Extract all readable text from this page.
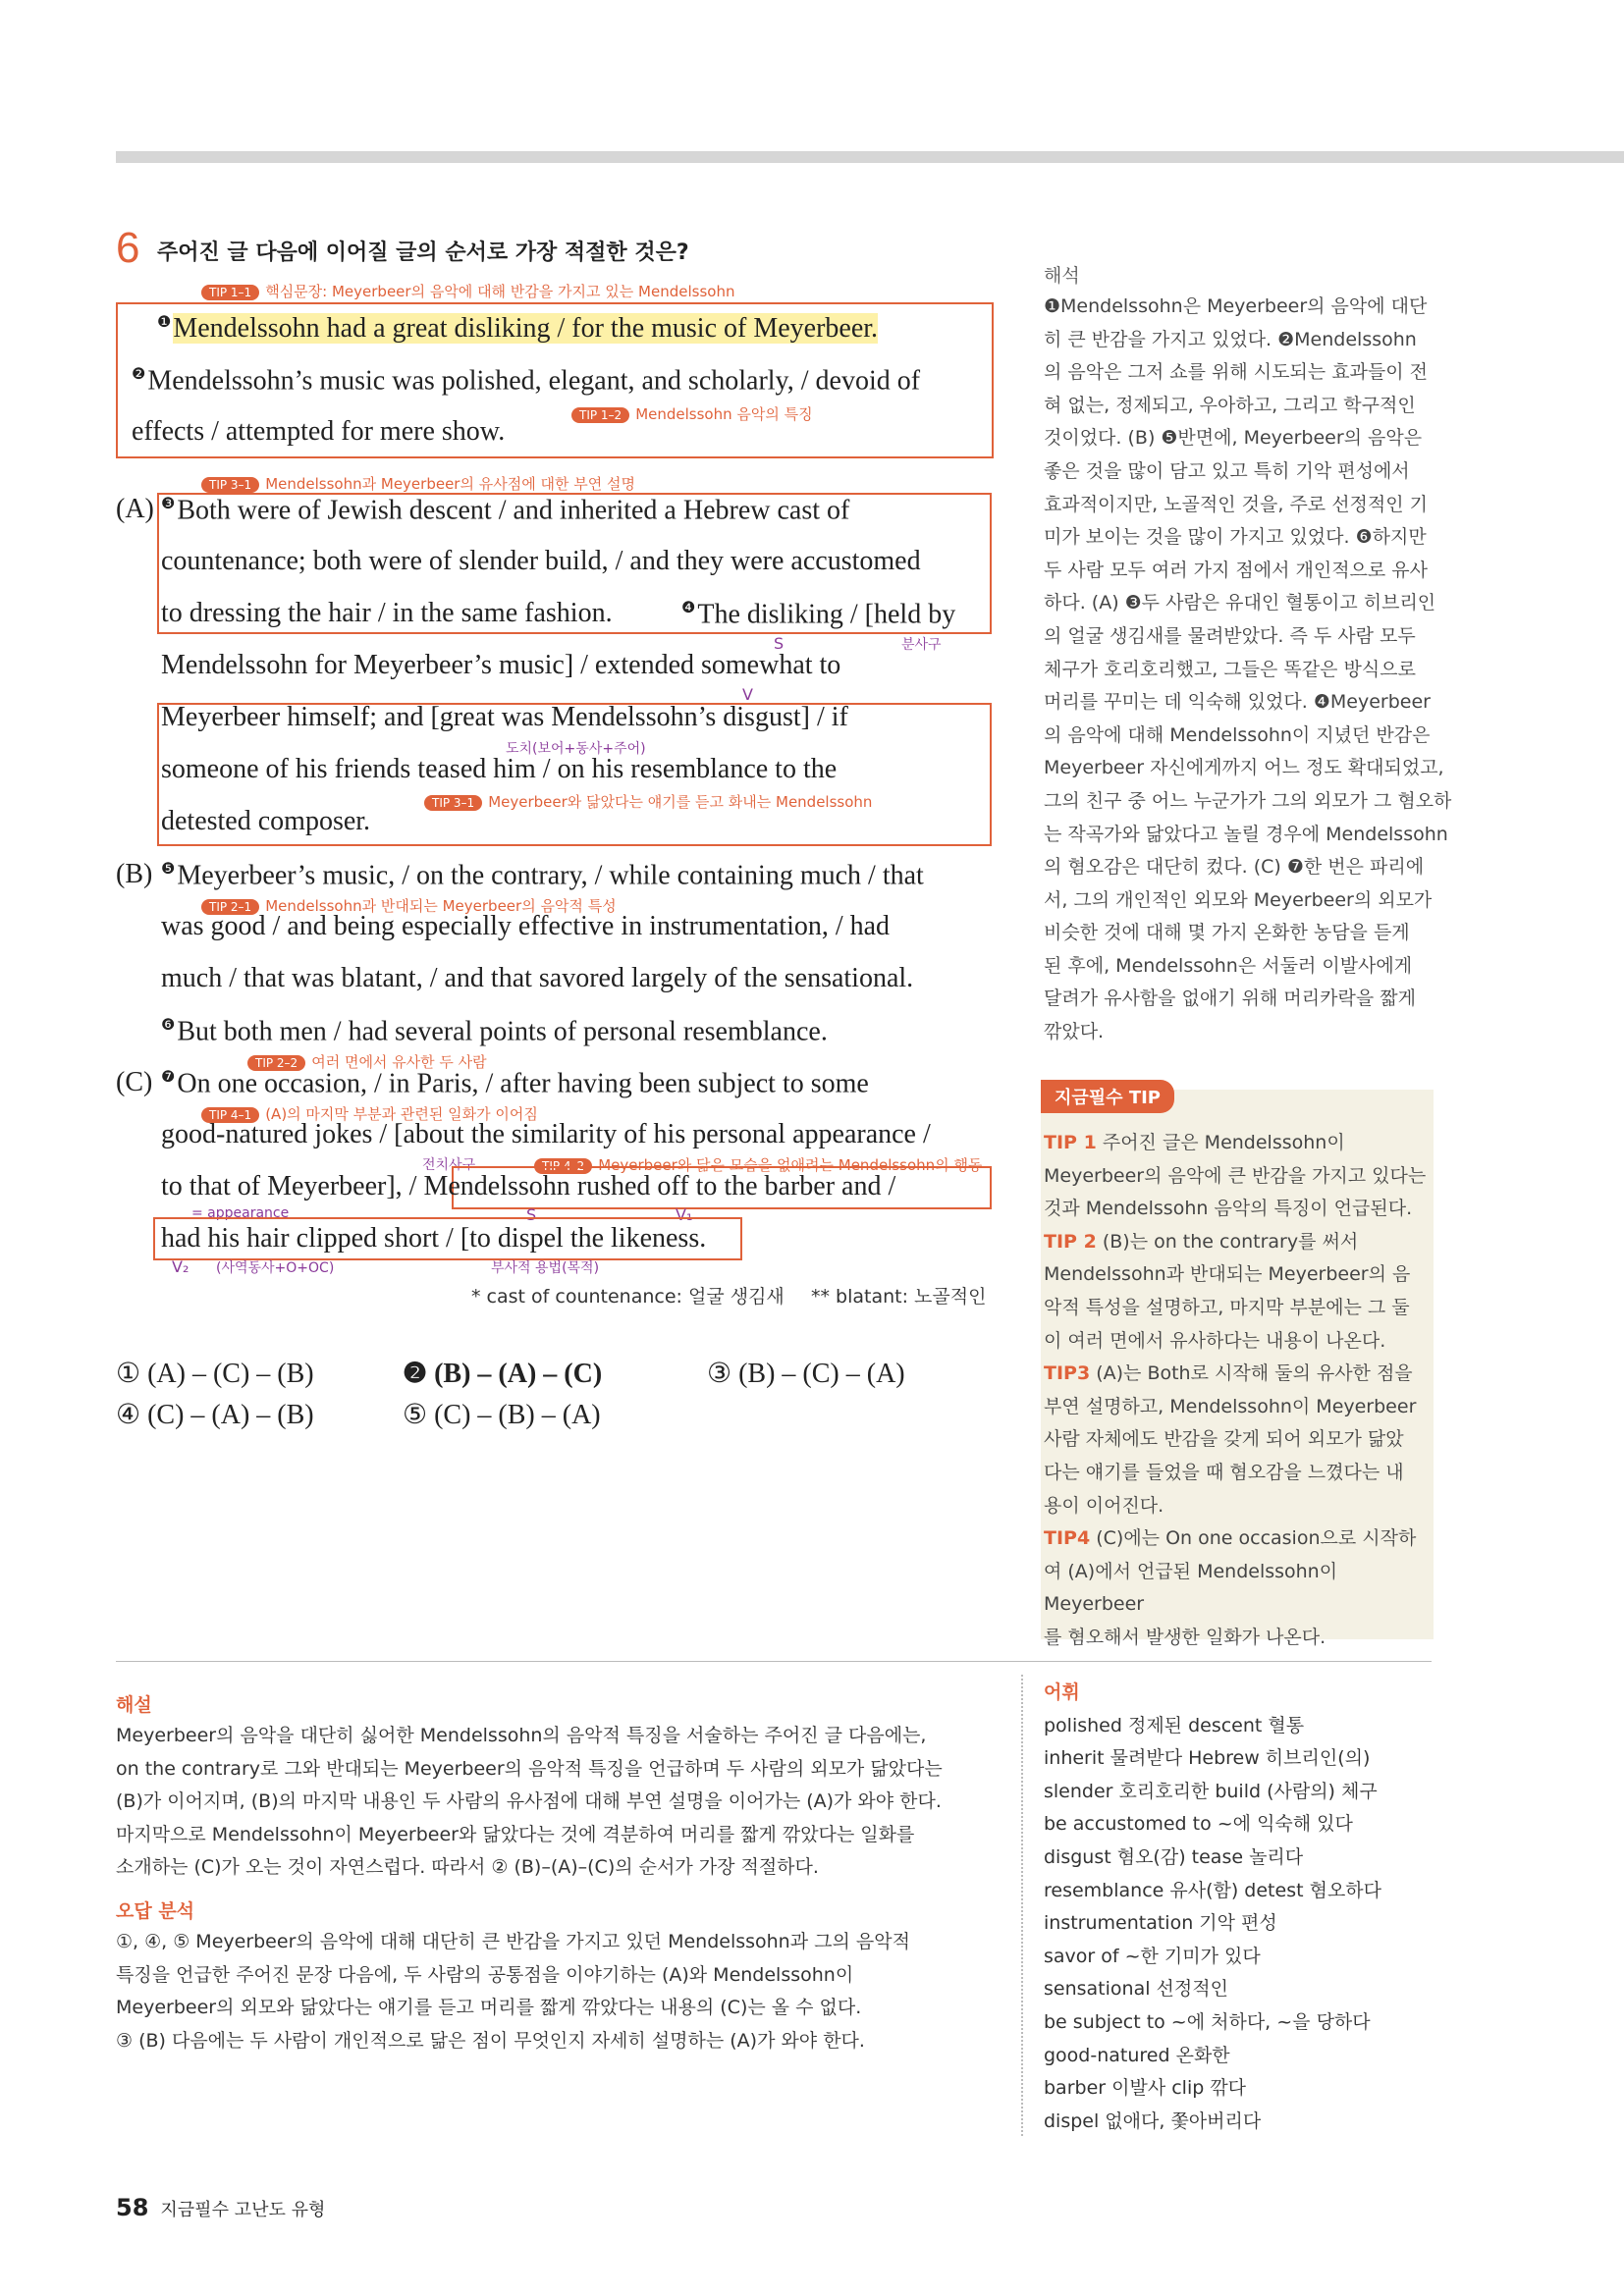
6 주어진 글 다음에 이어질 글의 순서로 가장 적절한 것은?
TIP 1–1 핵심문장: Meyerbeer의 음악에 대해 반감을 가지고 있는 Mendelssohn
$^❶$Mendelssohn had a great disliking / for the music of Meyerbeer.
$^❷$Mendelssohn’s music was polished, elegant, and scholarly, / devoid of
TIP 1–2 Mendelssohn 음악의 특징
effects / attempted for mere show.
TIP 3–1 Mendelssohn과 Meyerbeer의 유사점에 대한 부연 설명
(A) $^❸$Both were of Jewish descent / and inherited a Hebrew cast of
countenance; both were of slender build, / and they were accustomed
to dressing the hair / in the same fashion.	$^❹$The disliking / [held by
S	분사구
Mendelssohn for Meyerbeer’s music] / extended somewhat to
V
Meyerbeer himself; and [great was Mendelssohn’s disgust] / if
도치(보어+동사+주어)
someone of his friends teased him / on his resemblance to the
TIP 3–1 Meyerbeer와 닮았다는 얘기를 듣고 화내는 Mendelssohn
detested composer.
(B) $^❺$Meyerbeer’s music, / on the contrary, / while containing much / that
TIP 2–1 Mendelssohn과 반대되는 Meyerbeer의 음악적 특성
was good / and being especially effective in instrumentation, / had
much / that was blatant, / and that savored largely of the sensational.
$^❻$But both men / had several points of personal resemblance.
TIP 2–2 여러 면에서 유사한 두 사람
(C) $^❼$On one occasion, / in Paris, / after having been subject to some
TIP 4–1 (A)의 마지막 부분과 관련된 일화가 이어짐
good-natured jokes / [about the similarity of his personal appearance /
전치사구	TIP 4–2 Meyerbeer와 닮은 모습을 없애려는 Mendelssohn의 행동
to that of Meyerbeer], / Mendelssohn rushed off to the barber and /
= appearance	S	V₁
had his hair clipped short / [to dispel the likeness.
V₂ (사역동사+O+OC)	부사적 용법(목적)
* cast of countenance: 얼굴 생김새 ** blatant: 노골적인
① (A) – (C) – (B)	❷ (B) – (A) – (C)	③ (B) – (C) – (A)
④ (C) – (A) – (B)	⑤ (C) – (B) – (A)
해석
❶Mendelssohn은 Meyerbeer의 음악에 대단
히 큰 반감을 가지고 있었다. ❷Mendelssohn
의 음악은 그저 쇼를 위해 시도되는 효과들이 전
혀 없는, 정제되고, 우아하고, 그리고 학구적인
것이었다. (B) ❺반면에, Meyerbeer의 음악은
좋은 것을 많이 담고 있고 특히 기악 편성에서
효과적이지만, 노골적인 것을, 주로 선정적인 기
미가 보이는 것을 많이 가지고 있었다. ❻하지만
두 사람 모두 여러 가지 점에서 개인적으로 유사
하다. (A) ❸두 사람은 유대인 혈통이고 히브리인
의 얼굴 생김새를 물려받았다. 즉 두 사람 모두
체구가 호리호리했고, 그들은 똑같은 방식으로
머리를 꾸미는 데 익숙해 있었다. ❹Meyerbeer
의 음악에 대해 Mendelssohn이 지녔던 반감은
Meyerbeer 자신에게까지 어느 정도 확대되었고,
그의 친구 중 어느 누군가가 그의 외모가 그 혐오하
는 작곡가와 닮았다고 놀릴 경우에 Mendelssohn
의 혐오감은 대단히 컸다. (C) ❼한 번은 파리에
서, 그의 개인적인 외모와 Meyerbeer의 외모가
비슷한 것에 대해 몇 가지 온화한 농담을 듣게
된 후에, Mendelssohn은 서둘러 이발사에게
달려가 유사함을 없애기 위해 머리카락을 짧게
깎았다.
지금필수 TIP
TIP 1 주어진 글은 Mendelssohn이
Meyerbeer의 음악에 큰 반감을 가지고 있다는
것과 Mendelssohn 음악의 특징이 언급된다.
TIP 2 (B)는 on the contrary를 써서
Mendelssohn과 반대되는 Meyerbeer의 음
악적 특성을 설명하고, 마지막 부분에는 그 둘
이 여러 면에서 유사하다는 내용이 나온다.
TIP3 (A)는 Both로 시작해 둘의 유사한 점을
부연 설명하고, Mendelssohn이 Meyerbeer
사람 자체에도 반감을 갖게 되어 외모가 닮았
다는 얘기를 들었을 때 혐오감을 느꼈다는 내
용이 이어진다.
TIP4 (C)에는 On one occasion으로 시작하
여 (A)에서 언급된 Mendelssohn이 Meyerbeer
를 혐오해서 발생한 일화가 나온다.
해설
Meyerbeer의 음악을 대단히 싫어한 Mendelssohn의 음악적 특징을 서술하는 주어진 글 다음에는,
on the contrary로 그와 반대되는 Meyerbeer의 음악적 특징을 언급하며 두 사람의 외모가 닮았다는
(B)가 이어지며, (B)의 마지막 내용인 두 사람의 유사점에 대해 부연 설명을 이어가는 (A)가 와야 한다.
마지막으로 Mendelssohn이 Meyerbeer와 닮았다는 것에 격분하여 머리를 짧게 깎았다는 일화를
소개하는 (C)가 오는 것이 자연스럽다. 따라서 ② (B)–(A)–(C)의 순서가 가장 적절하다.
오답 분석
①, ④, ⑤ Meyerbeer의 음악에 대해 대단히 큰 반감을 가지고 있던 Mendelssohn과 그의 음악적
특징을 언급한 주어진 문장 다음에, 두 사람의 공통점을 이야기하는 (A)와 Mendelssohn이
Meyerbeer의 외모와 닮았다는 얘기를 듣고 머리를 짧게 깎았다는 내용의 (C)는 올 수 없다.
③ (B) 다음에는 두 사람이 개인적으로 닮은 점이 무엇인지 자세히 설명하는 (A)가 와야 한다.
어휘
polished 정제된 descent 혈통
inherit 물려받다 Hebrew 히브리인(의)
slender 호리호리한 build (사람의) 체구
be accustomed to ~에 익숙해 있다
disgust 혐오(감) tease 놀리다
resemblance 유사(함) detest 혐오하다
instrumentation 기악 편성
savor of ~한 기미가 있다
sensational 선정적인
be subject to ~에 처하다, ~을 당하다
good-natured 온화한
barber 이발사 clip 깎다
dispel 없애다, 쫓아버리다
58 지금필수 고난도 유형
